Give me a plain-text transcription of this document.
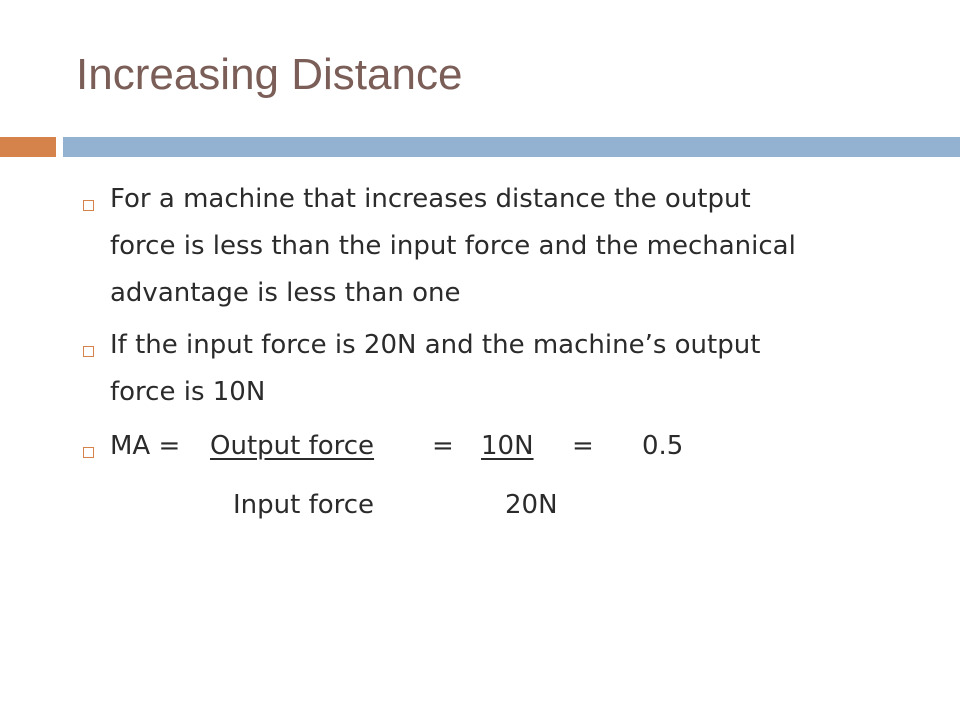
Increasing Distance
For a machine that increases distance the output
force is less than the input force and the mechanical
advantage is less than one
If the input force is 20N and the machine’s output
force is 10N
MA = Output force = 10N = 0.5
Input force	20N
